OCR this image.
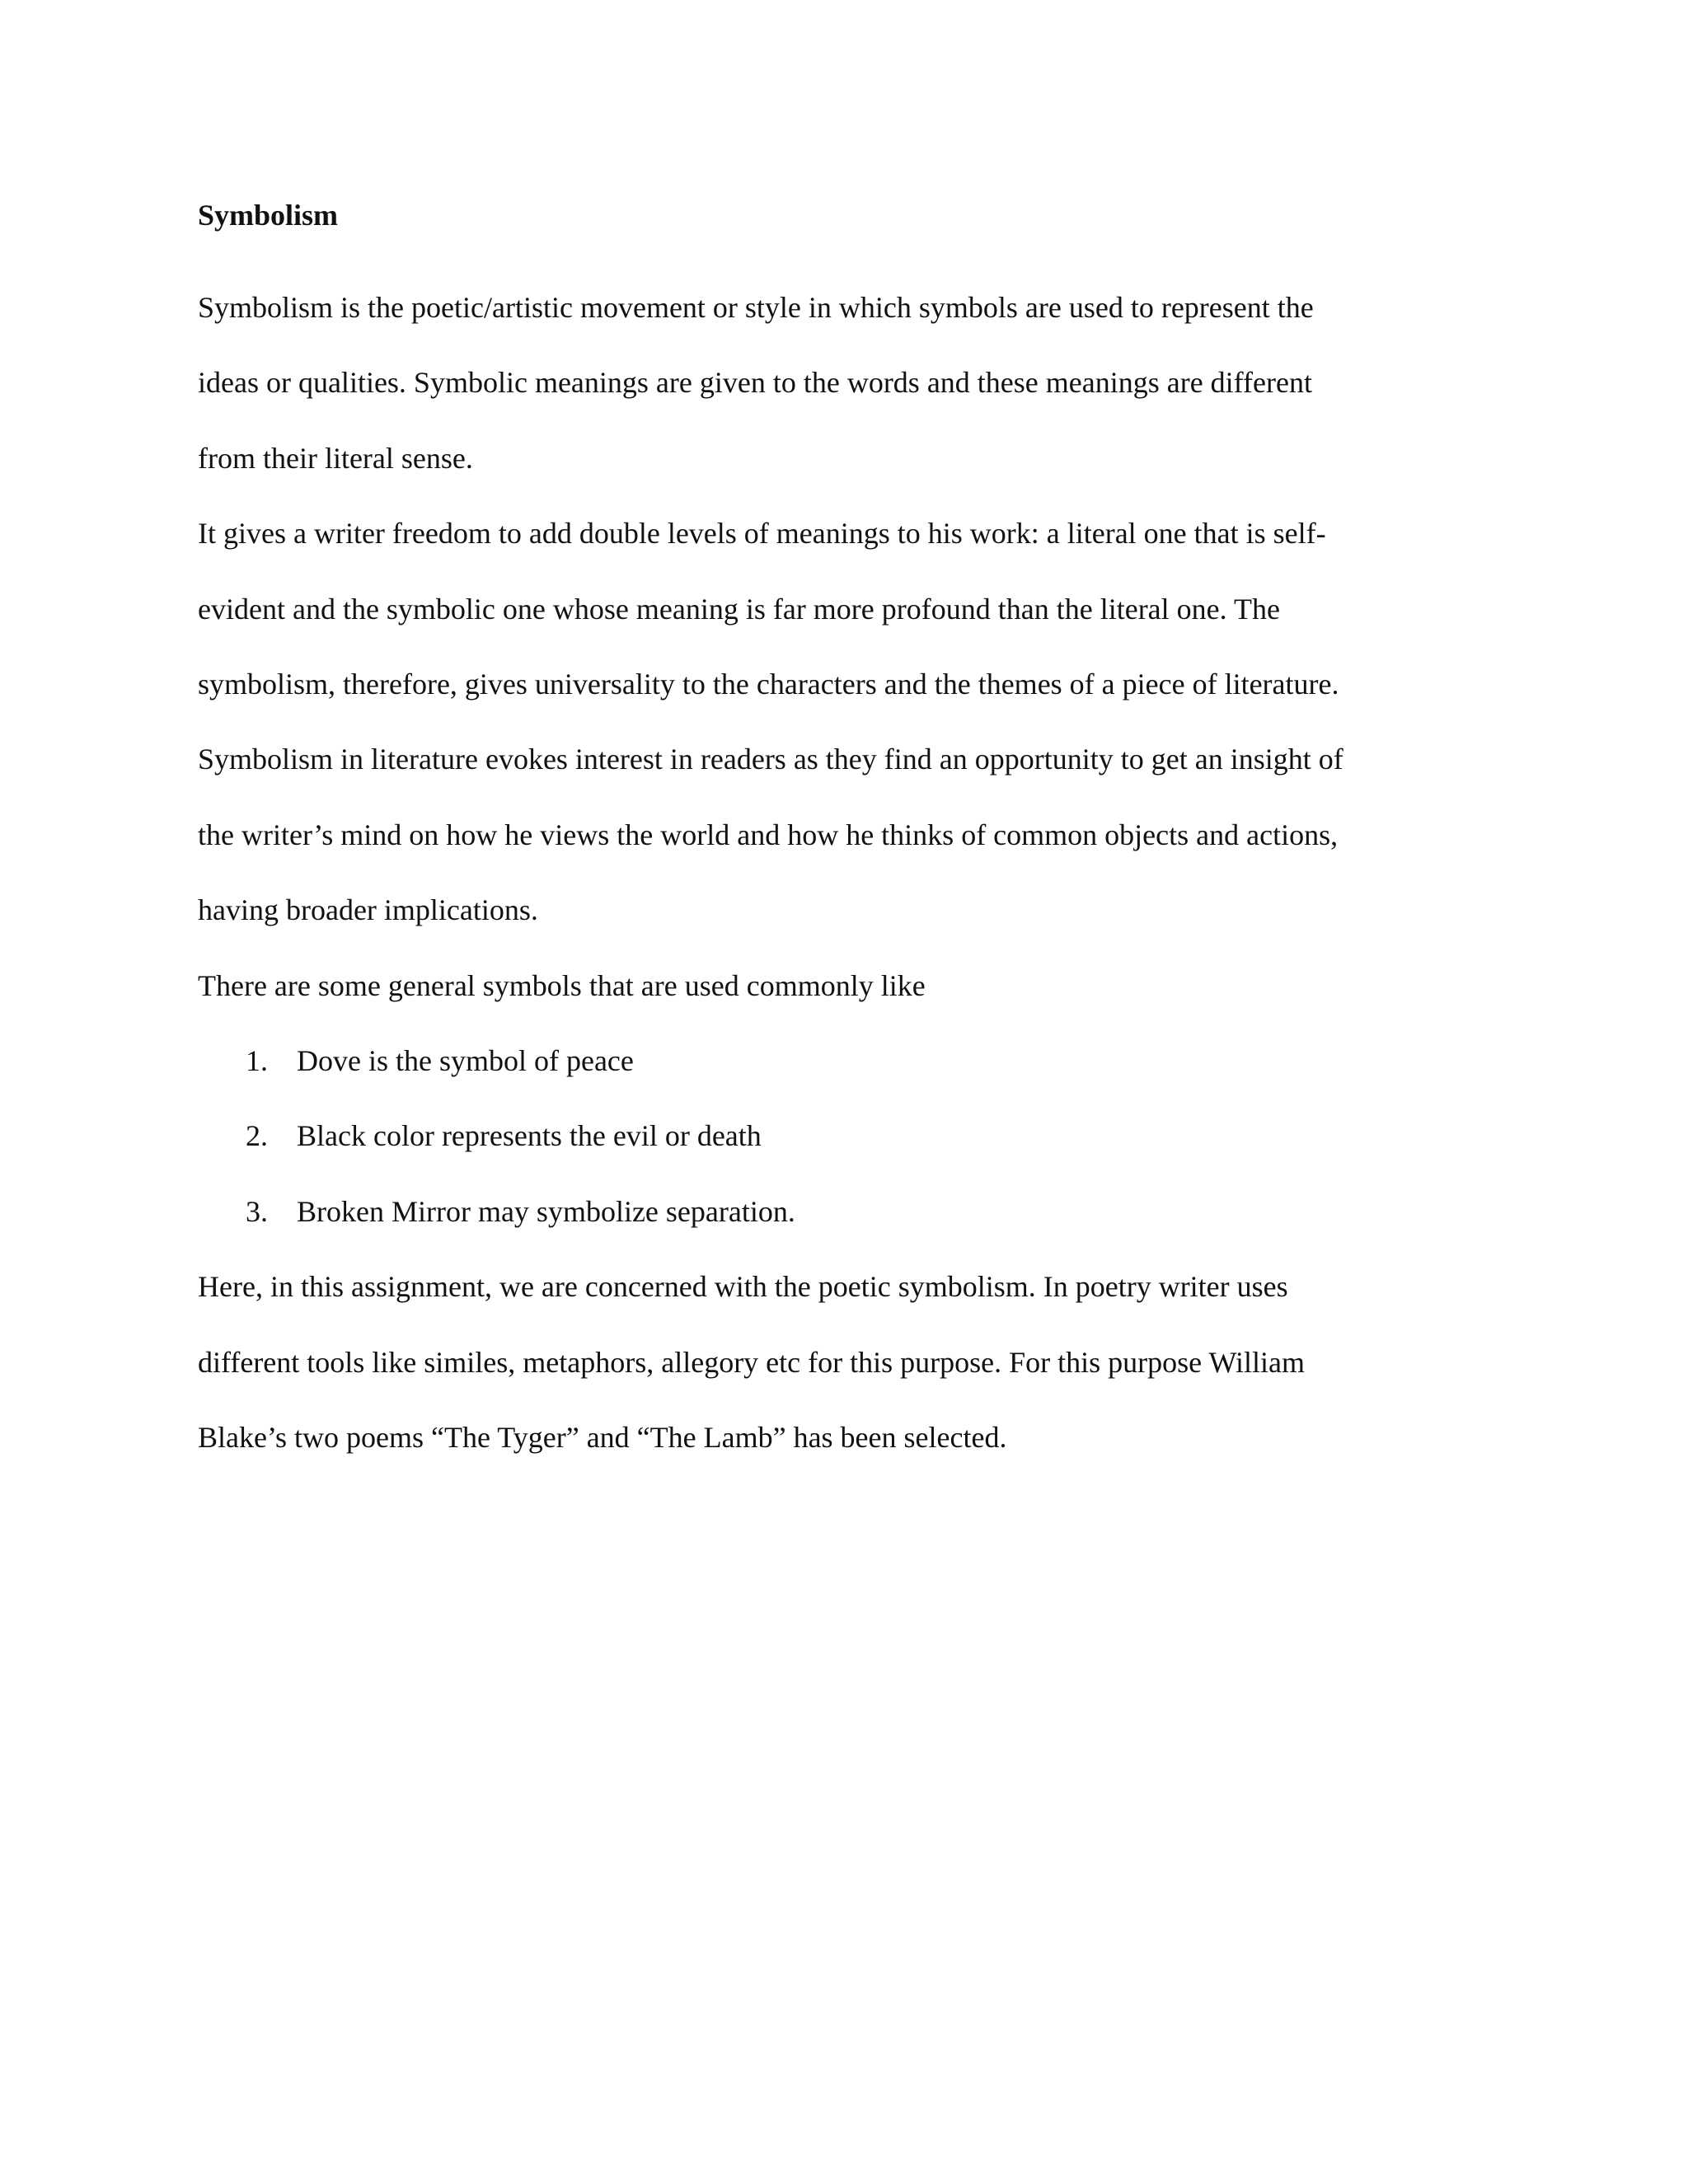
Symbolism
Symbolism is the poetic/artistic movement or style in which symbols are used to represent the
ideas or qualities. Symbolic meanings are given to the words and these meanings are different
from their literal sense.
It gives a writer freedom to add double levels of meanings to his work: a literal one that is self-
evident and the symbolic one whose meaning is far more profound than the literal one. The
symbolism, therefore, gives universality to the characters and the themes of a piece of literature.
Symbolism in literature evokes interest in readers as they find an opportunity to get an insight of
the writer’s mind on how he views the world and how he thinks of common objects and actions,
having broader implications.
There are some general symbols that are used commonly like
1. Dove is the symbol of peace
2. Black color represents the evil or death
3. Broken Mirror may symbolize separation.
Here, in this assignment, we are concerned with the poetic symbolism. In poetry writer uses
different tools like similes, metaphors, allegory etc for this purpose. For this purpose William
Blake’s two poems “The Tyger” and “The Lamb” has been selected.
